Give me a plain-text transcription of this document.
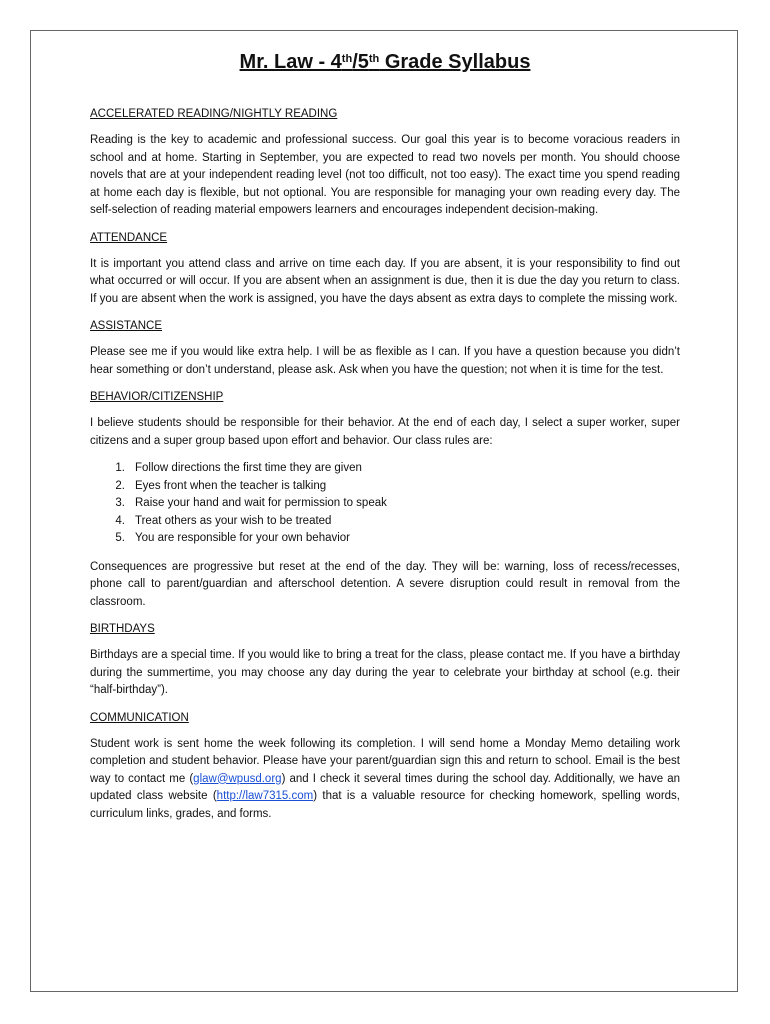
Mr. Law - 4th/5th Grade Syllabus
ACCELERATED READING/NIGHTLY READING

Reading is the key to academic and professional success. Our goal this year is to become voracious readers in school and at home. Starting in September, you are expected to read two novels per month. You should choose novels that are at your independent reading level (not too difficult, not too easy). The exact time you spend reading at home each day is flexible, but not optional. You are responsible for managing your own reading every day. The self-selection of reading material empowers learners and encourages independent decision-making.

ATTENDANCE

It is important you attend class and arrive on time each day. If you are absent, it is your responsibility to find out what occurred or will occur. If you are absent when an assignment is due, then it is due the day you return to class. If you are absent when the work is assigned, you have the days absent as extra days to complete the missing work.

ASSISTANCE

Please see me if you would like extra help. I will be as flexible as I can. If you have a question because you didn’t hear something or don’t understand, please ask. Ask when you have the question; not when it is time for the test.

BEHAVIOR/CITIZENSHIP

I believe students should be responsible for their behavior. At the end of each day, I select a super worker, super citizens and a super group based upon effort and behavior. Our class rules are:

1. Follow directions the first time they are given
2. Eyes front when the teacher is talking
3. Raise your hand and wait for permission to speak
4. Treat others as your wish to be treated
5. You are responsible for your own behavior

Consequences are progressive but reset at the end of the day. They will be: warning, loss of recess/recesses, phone call to parent/guardian and afterschool detention. A severe disruption could result in removal from the classroom.

BIRTHDAYS

Birthdays are a special time. If you would like to bring a treat for the class, please contact me. If you have a birthday during the summertime, you may choose any day during the year to celebrate your birthday at school (e.g. their “half-birthday”).

COMMUNICATION

Student work is sent home the week following its completion. I will send home a Monday Memo detailing work completion and student behavior. Please have your parent/guardian sign this and return to school. Email is the best way to contact me (glaw@wpusd.org) and I check it several times during the school day. Additionally, we have an updated class website (http://law7315.com) that is a valuable resource for checking homework, spelling words, curriculum links, grades, and forms.
